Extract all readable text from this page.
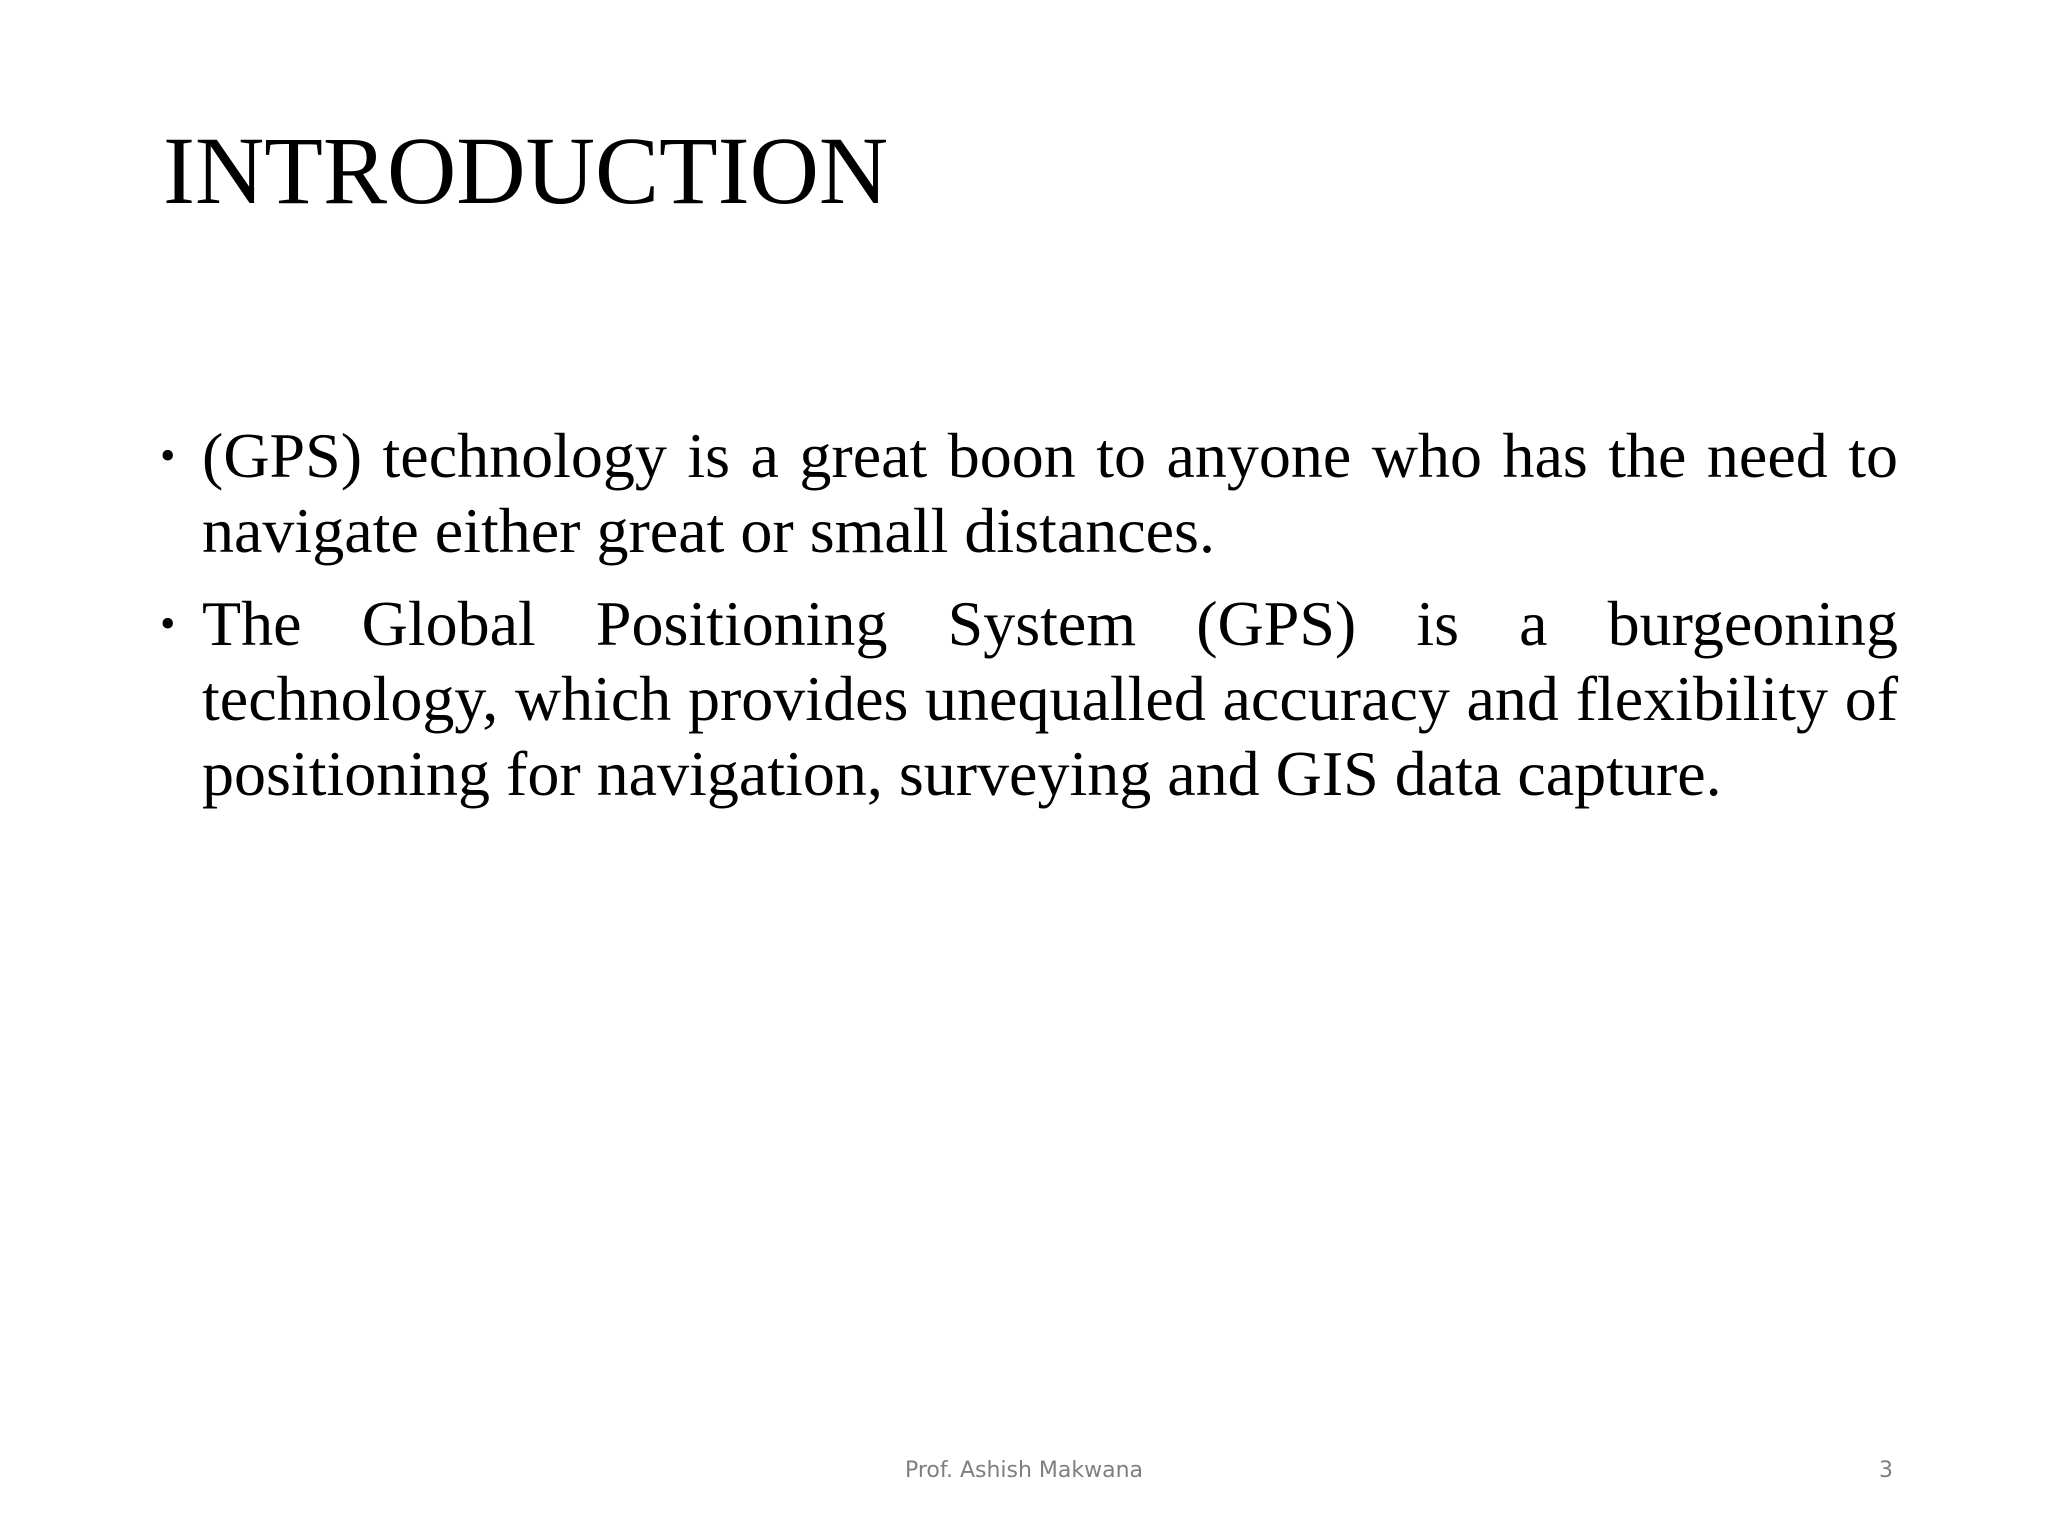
INTRODUCTION
• (GPS) technology is a great boon to anyone who has the need to navigate either great or small distances.
• The Global Positioning System (GPS) is a burgeoning technology, which provides unequalled accuracy and flexibility of positioning for navigation, surveying and GIS data capture.
Prof. Ashish Makwana	3
